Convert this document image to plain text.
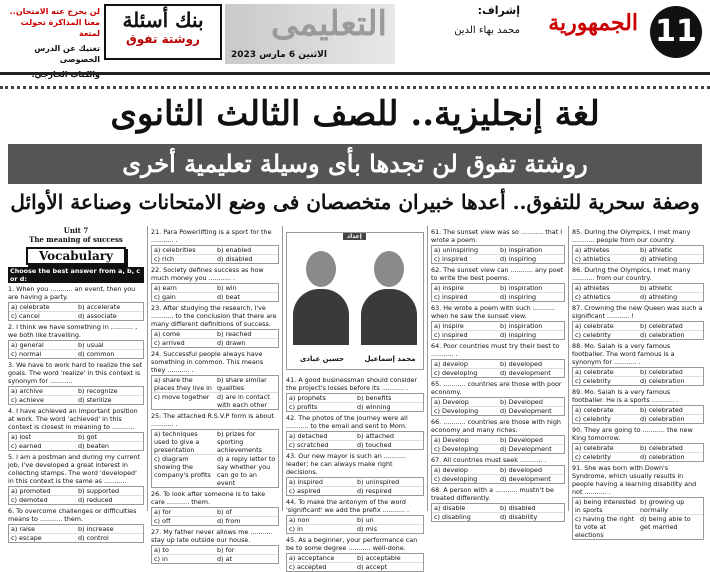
11
الجمهورية
إشراف:
محمد بهاء الدين
التعليمى
الاثنين 6 مارس 2023
بنك أسئلة
روشتة تفوق
لن يخرج عنه الامتحان..
معنا المذاكرة تحولت لمتعة
تغنيك عن الدرس الخصوصى
لغة إنجليزية.. للصف الثالث الثانوى
روشتة تفوق لن تجدها بأى وسيلة تعليمية أخرى
وصفة سحرية للتفوق.. أعدها خبيران متخصصان فى وضع الامتحانات وصناعة الأوائل
Unit 7
The meaning of success
Vocabulary
Choose the best answer from a, b, c or d:
1. When you ........... an event, then you are having a party.
a) celebrate	b) accelerate
c) cancel	d) associate
2. I think we have something in ........... , we both like travelling.
a) general	b) usual
c) normal	d) common
3. We have to work hard to realize the set goals. The word 'realize' in this context is synonym for ...........
a) archive	b) recognize
c) achieve	d) sterilize
4. I have achieved an important position at work. The word 'achieved' in this context is closest in meaning to ...........
a) lost	b) got
c) earned	d) beaten
5. I am a postman and during my current job, I've developed a great interest in collecting stamps. The word 'developed' in this context is the same as ...........
a) promoted	b) supported
c) demoted	d) reduced
6. To overcome challenges or difficulties means to ........... them.
a) raise	b) increase
c) escape	d) control
21. Para Powerlifting is a sport for the ........... .
a) celebrities	b) enabled
c) rich	d) disabled
22. Society defines success as how much money you ........... .
a) earn	b) win
c) gain	d) beat
23. After studying the research, I've ........... to the conclusion that there are many different definitions of success.
a) come	b) reached
c) arrived	d) drawn
24. Successful people always have something in common. This means they ........... .
a) share the places they live in
b) share similar qualities
c) move together	d) are in contact with each other
25. The attached R.S.V.P form is about ........... .
a) techniques used to give a presentation
b) prizes for sporting achievements
c) diagram showing the company's profits
d) a reply letter to say whether you can go to an event
26. To look after someone is to take care ........... them.
a) for	b) of
c) off	d) from
27. My father never allows me ........... stay up late outside our house.
a) to	b) for
c) in	d) at
إعداد
حسين عبادى	محمد إسماعيل
41. A good businessman should consider the project's losses before its ........... .
a) prophets	b) benefits
c) profits	d) winning
42. The photos of the journey were all ........... to the email and sent to Mom.
a) detached	b) attached
c) scratched	d) touched
43. Our new mayor is such an ........... leader; he can always make right decisions.
a) inspired	b) uninspired
c) aspired	d) respired
44. To make the antonym of the word 'significant' we add the prefix ........... .
a) non	b) un
c) in	d) mis
45. As a beginner, your performance can be to some degree ........... well-done.
a) acceptance	b) acceptable
c) accepted	d) accept
61. The sunset view was so ........... that I wrote a poem.
a) uninspiring	b) inspiration
c) inspired	d) inspiring
62. The sunset view can ........... any poet to write the best poems.
a) inspire	b) inspiration
c) inspired	d) inspiring
63. He wrote a poem with such ........... when he saw the sunset view.
a) inspire	b) inspiration
c) inspired	d) inspiring
64. Poor countries must try their best to ........... .
a) develop	b) developed
c) developing	d) development
65. ........... countries are those with poor economy.
a) Develop	b) Developed
c) Developing	d) Development
66. ........... countries are those with high economy and many riches.
a) Develop	b) Developed
c) Developing	d) Development
67. All countries must seek ........... .
a) develop	b) developed
c) developing	d) development
68. A person with a ........... mustn't be treated differently.
a) disable	b) disabled
c) disabling	d) disability
85. During the Olympics, I met many ........... people from our country.
a) athletes	b) athletic
c) athletics	d) athleting
86. During the Olympics, I met many ........... from our country.
a) athletes	b) athletic
c) athletics	d) athleting
87. Crowning the new Queen was such a significant ........... !
a) celebrate	b) celebrated
c) celebrity	d) celebration
88. Mo. Salah is a very famous footballer. The word famous is a synonym for ........... .
a) celebrate	b) celebrated
c) celebrity	d) celebration
89. Mo. Salah is a very famous footballer. He is a sports ........... .
a) celebrate	b) celebrated
c) celebrity	d) celebration
90. They are going to ........... the new King tomorrow.
a) celebrate	b) celebrated
c) celebrity	d) celebration
91. She was born with Down's Syndrome, which usually results in people having a learning disability and not ........... .
a) being interested in sports
b) growing up normally
c) having the right to vote at elections
d) being able to get married
